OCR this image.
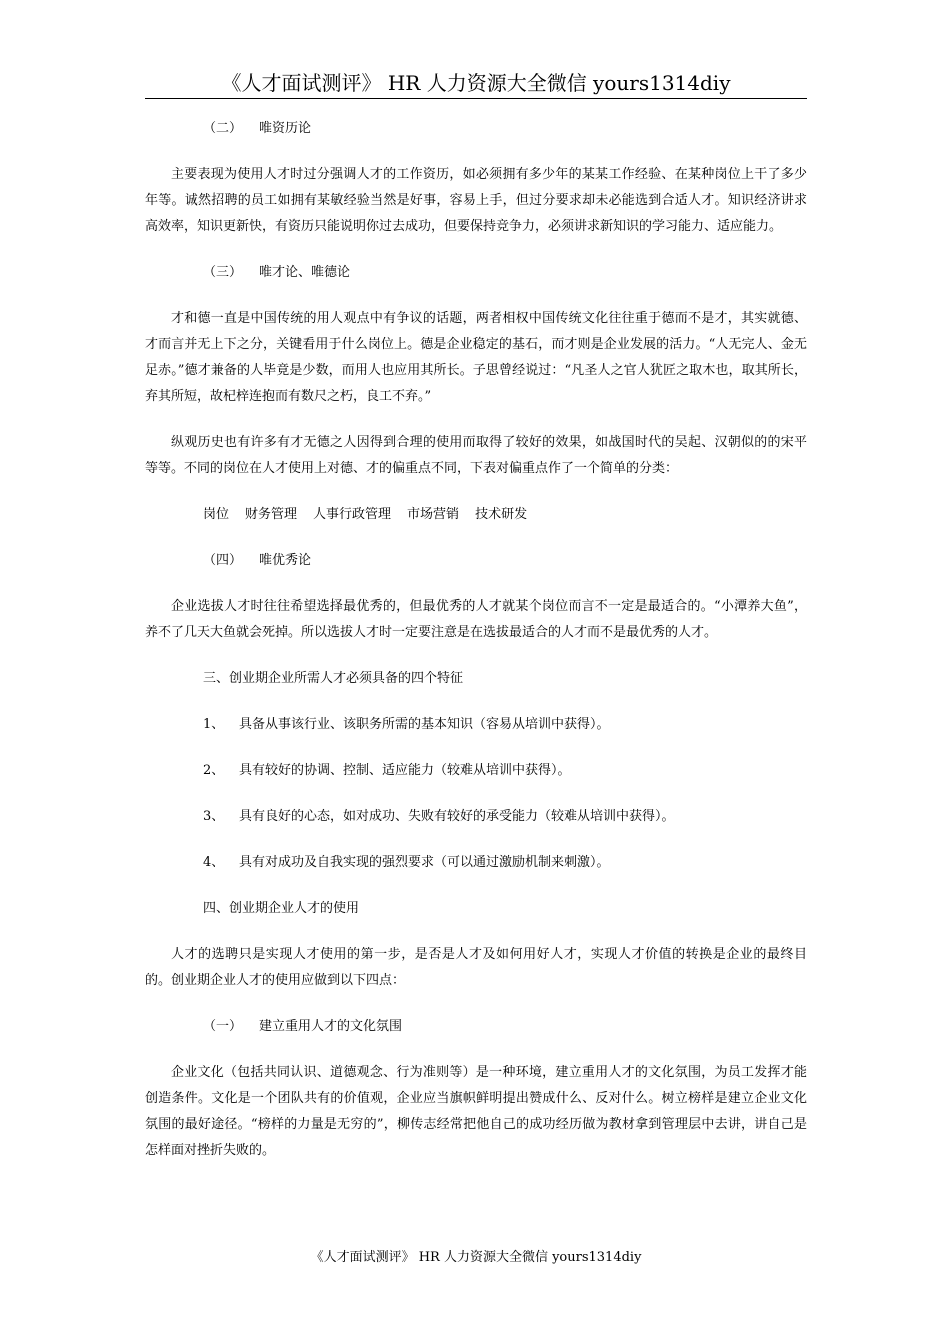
《人才面试测评》 HR 人力资源大全微信 yours1314diy
（二） 唯资历论

主要表现为使用人才时过分强调人才的工作资历，如必须拥有多少年的某某工作经验、在某种岗位上干了多少年等。诚然招聘的员工如拥有某敏经验当然是好事，容易上手，但过分要求却未必能选到合适人才。知识经济讲求高效率，知识更新快，有资历只能说明你过去成功，但要保持竞争力，必须讲求新知识的学习能力、适应能力。

（三） 唯才论、唯德论

才和德一直是中国传统的用人观点中有争议的话题，两者相权中国传统文化往往重于德而不是才，其实就德、才而言并无上下之分，关键看用于什么岗位上。德是企业稳定的基石，而才则是企业发展的活力。“人无完人、金无足赤。”德才兼备的人毕竟是少数，而用人也应用其所长。子思曾经说过：“凡圣人之官人犹匠之取木也，取其所长，弃其所短，故杞梓连抱而有数尺之朽，良工不弃。”

纵观历史也有许多有才无德之人因得到合理的使用而取得了较好的效果，如战国时代的吴起、汉朝似的的宋平等等。不同的岗位在人才使用上对德、才的偏重点不同，下表对偏重点作了一个简单的分类：

岗位 财务管理 人事行政管理 市场营销 技术研发
（四） 唯优秀论

企业选拔人才时往往希望选择最优秀的，但最优秀的人才就某个岗位而言不一定是最适合的。“小潭养大鱼”，养不了几天大鱼就会死掉。所以选拔人才时一定要注意是在选拔最适合的人才而不是最优秀的人才。

三、创业期企业所需人才必须具备的四个特征
1、 具备从事该行业、该职务所需的基本知识（容易从培训中获得）。
2、 具有较好的协调、控制、适应能力（较难从培训中获得）。
3、 具有良好的心态，如对成功、失败有较好的承受能力（较难从培训中获得）。
4、 具有对成功及自我实现的强烈要求（可以通过激励机制来刺激）。
四、创业期企业人才的使用

人才的选聘只是实现人才使用的第一步，是否是人才及如何用好人才，实现人才价值的转换是企业的最终目的。创业期企业人才的使用应做到以下四点：

（一） 建立重用人才的文化氛围

企业文化（包括共同认识、道德观念、行为准则等）是一种环境，建立重用人才的文化氛围，为员工发挥才能创造条件。文化是一个团队共有的价值观，企业应当旗帜鲜明提出赞成什么、反对什么。树立榜样是建立企业文化氛围的最好途径。“榜样的力量是无穷的”，柳传志经常把他自己的成功经历做为教材拿到管理层中去讲，讲自己是怎样面对挫折失败的。

《人才面试测评》 HR 人力资源大全微信 yours1314diy
